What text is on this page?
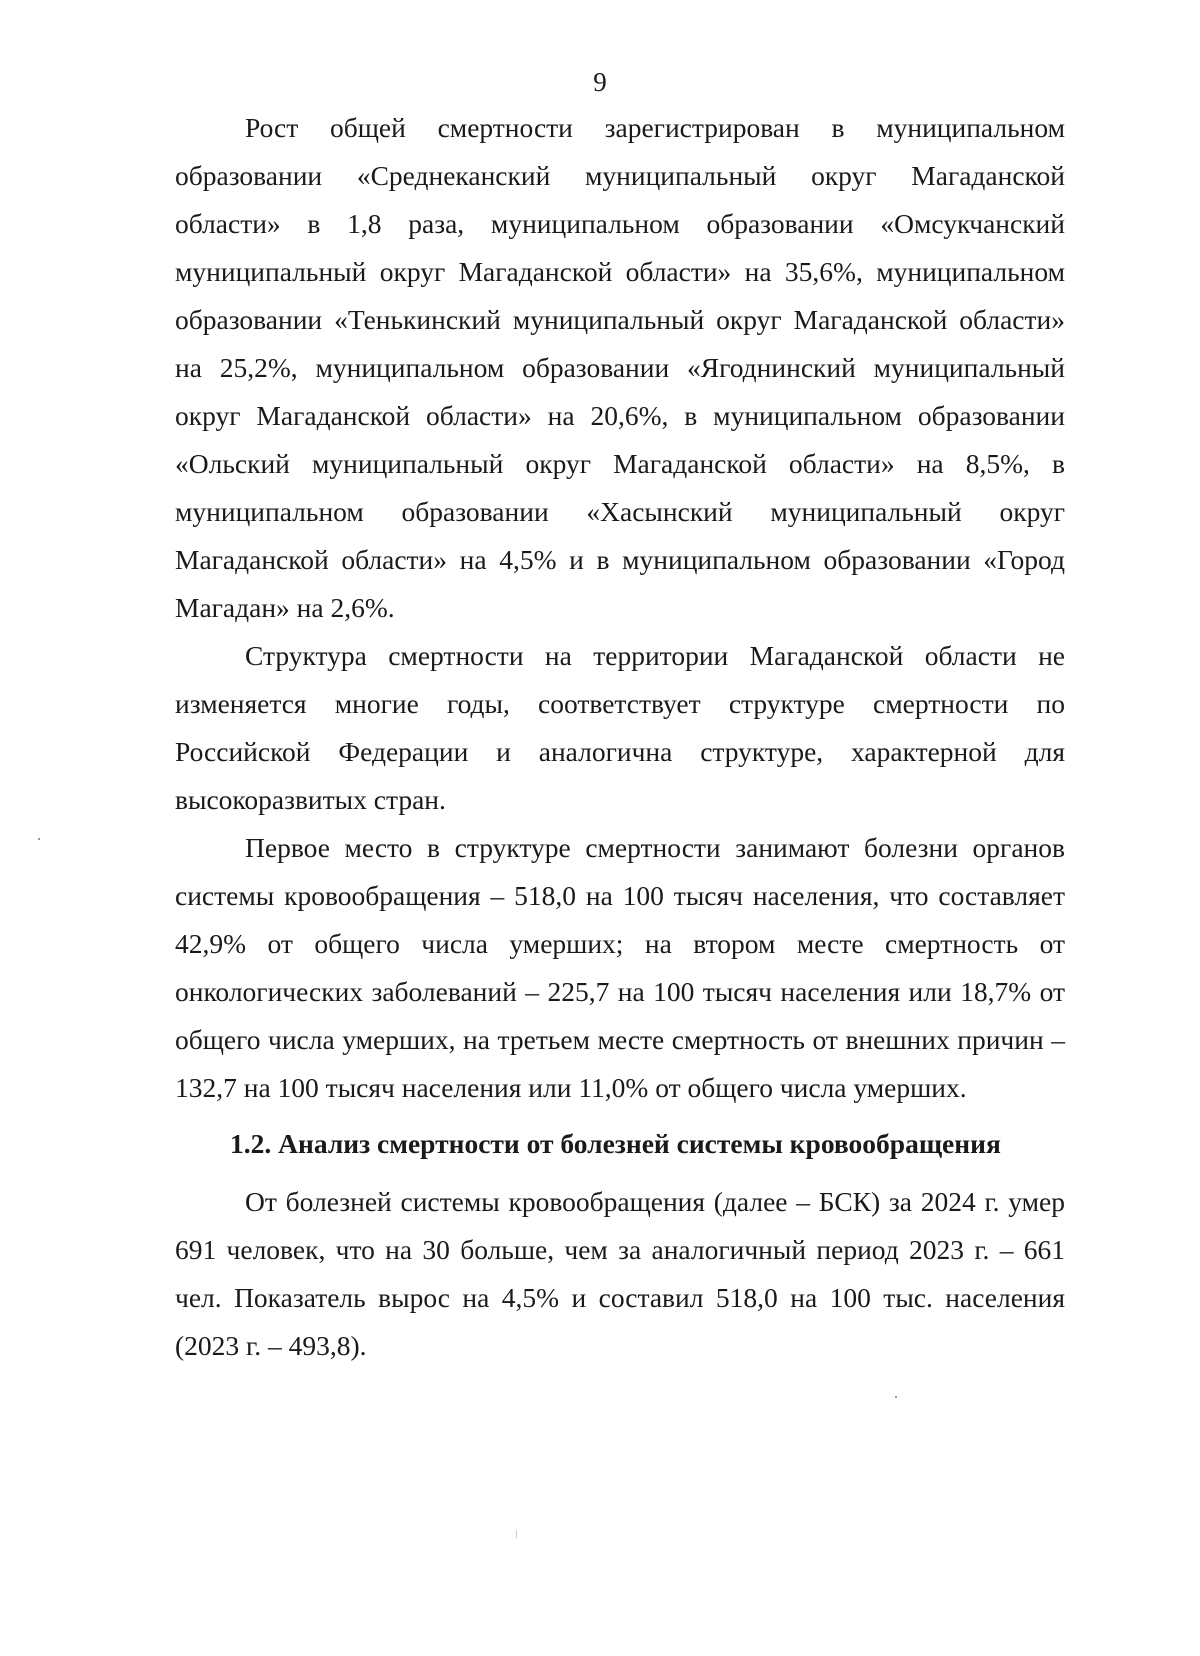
9

Рост общей смертности зарегистрирован в муниципальном образовании «Среднеканский муниципальный округ Магаданской области» в 1,8 раза, муниципальном образовании «Омсукчанский муниципальный округ Магаданской области» на 35,6%, муниципальном образовании «Тенькинский муниципальный округ Магаданской области» на 25,2%, муниципальном образовании «Ягоднинский муниципальный округ Магаданской области» на 20,6%, в муниципальном образовании «Ольский муниципальный округ Магаданской области» на 8,5%, в муниципальном образовании «Хасынский муниципальный округ Магаданской области» на 4,5% и в муниципальном образовании «Город Магадан» на 2,6%.

Структура смертности на территории Магаданской области не изменяется многие годы, соответствует структуре смертности по Российской Федерации и аналогична структуре, характерной для высокоразвитых стран.

Первое место в структуре смертности занимают болезни органов системы кровообращения – 518,0 на 100 тысяч населения, что составляет 42,9% от общего числа умерших; на втором месте смертность от онкологических заболеваний – 225,7 на 100 тысяч населения или 18,7% от общего числа умерших, на третьем месте смертность от внешних причин – 132,7 на 100 тысяч населения или 11,0% от общего числа умерших.

1.2. Анализ смертности от болезней системы кровообращения

От болезней системы кровообращения (далее – БСК) за 2024 г. умер 691 человек, что на 30 больше, чем за аналогичный период 2023 г. – 661 чел. Показатель вырос на 4,5% и составил 518,0 на 100 тыс. населения (2023 г. – 493,8).
